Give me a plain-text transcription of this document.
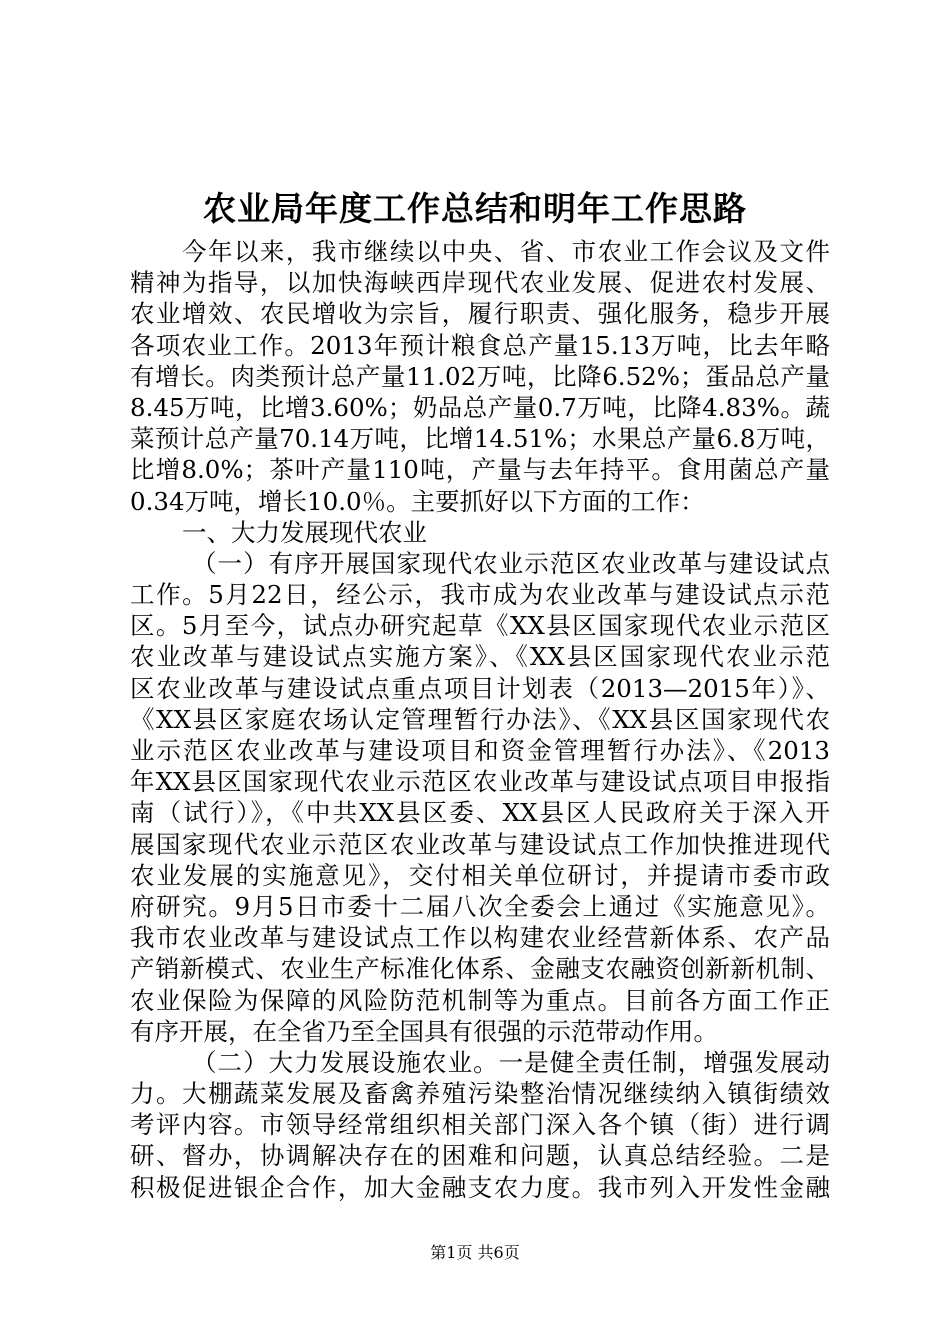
农业局年度工作总结和明年工作思路
今年以来，我市继续以中央、省、市农业工作会议及文件
精神为指导，以加快海峡西岸现代农业发展、促进农村发展、
农业增效、农民增收为宗旨，履行职责、强化服务，稳步开展
各项农业工作。2013年预计粮食总产量15.13万吨，比去年略
有增长。肉类预计总产量11.02万吨，比降6.52%；蛋品总产量
8.45万吨，比增3.60%；奶品总产量0.7万吨，比降4.83%。蔬
菜预计总产量70.14万吨，比增14.51%；水果总产量6.8万吨，
比增8.0%；茶叶产量110吨，产量与去年持平。食用菌总产量
0.34万吨，增长10.0％。主要抓好以下方面的工作：
一、大力发展现代农业
（一）有序开展国家现代农业示范区农业改革与建设试点
工作。5月22日，经公示，我市成为农业改革与建设试点示范
区。5月至今，试点办研究起草《XX县区国家现代农业示范区
农业改革与建设试点实施方案》、《XX县区国家现代农业示范
区农业改革与建设试点重点项目计划表（2013—2015年）》、
《XX县区家庭农场认定管理暂行办法》、《XX县区国家现代农
业示范区农业改革与建设项目和资金管理暂行办法》、《2013
年XX县区国家现代农业示范区农业改革与建设试点项目申报指
南（试行）》，《中共XX县区委、XX县区人民政府关于深入开
展国家现代农业示范区农业改革与建设试点工作加快推进现代
农业发展的实施意见》，交付相关单位研讨，并提请市委市政
府研究。9月5日市委十二届八次全委会上通过《实施意见》。
我市农业改革与建设试点工作以构建农业经营新体系、农产品
产销新模式、农业生产标准化体系、金融支农融资创新新机制、
农业保险为保障的风险防范机制等为重点。目前各方面工作正
有序开展，在全省乃至全国具有很强的示范带动作用。
（二）大力发展设施农业。一是健全责任制，增强发展动
力。大棚蔬菜发展及畜禽养殖污染整治情况继续纳入镇街绩效
考评内容。市领导经常组织相关部门深入各个镇（街）进行调
研、督办，协调解决存在的困难和问题，认真总结经验。二是
积极促进银企合作，加大金融支农力度。我市列入开发性金融
第1页 共6页
